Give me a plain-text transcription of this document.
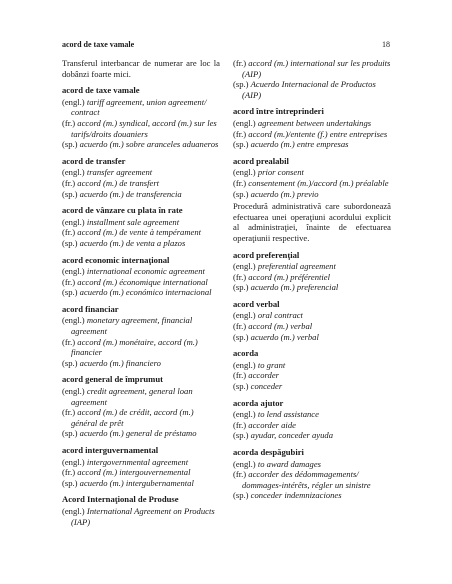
acord de taxe vamale	18

Transferul interbancar de numerar are loc la dobânzi foarte mici.

acord de taxe vamale
(engl.) tariff agreement, union agreement/ contract
(fr.) accord (m.) syndical, accord (m.) sur les tarifs/droits douaniers
(sp.) acuerdo (m.) sobre aranceles aduaneros
acord de transfer
(engl.) transfer agreement
(fr.) accord (m.) de transfert
(sp.) acuerdo (m.) de transferencia
acord de vânzare cu plata în rate
(engl.) installment sale agreement
(fr.) accord (m.) de vente à tempérament
(sp.) acuerdo (m.) de venta a plazos
acord economic internaţional
(engl.) international economic agreement
(fr.) accord (m.) économique international
(sp.) acuerdo (m.) económico internacional
acord financiar
(engl.) monetary agreement, financial agreement
(fr.) accord (m.) monétaire, accord (m.) financier
(sp.) acuerdo (m.) financiero
acord general de împrumut
(engl.) credit agreement, general loan agreement
(fr.) accord (m.) de crédit, accord (m.) général de prêt
(sp.) acuerdo (m.) general de préstamo
acord interguvernamental
(engl.) intergovernmental agreement
(fr.) accord (m.) intergouvernemental
(sp.) acuerdo (m.) intergubernamental
Acord Internaţional de Produse
(engl.) International Agreement on Products (IAP)
(fr.) accord (m.) international sur les produits (AIP)
(sp.) Acuerdo Internacional de Productos (AIP)
acord între întreprinderi
(engl.) agreement between undertakings
(fr.) accord (m.)/entente (f.) entre entreprises
(sp.) acuerdo (m.) entre empresas
acord prealabil
(engl.) prior consent
(fr.) consentement (m.)/accord (m.) préalable
(sp.) acuerdo (m.) previo

Procedură administrativă care subordonează efectuarea unei operaţiuni acordului explicit al administraţiei, înainte de efectuarea operaţiunii respective.

acord preferenţial
(engl.) preferential agreement
(fr.) accord (m.) préférentiel
(sp.) acuerdo (m.) preferencial
acord verbal
(engl.) oral contract
(fr.) accord (m.) verbal
(sp.) acuerdo (m.) verbal
acorda
(engl.) to grant
(fr.) accorder
(sp.) conceder
acorda ajutor
(engl.) to lend assistance
(fr.) accorder aide
(sp.) ayudar, conceder ayuda
acorda despăgubiri
(engl.) to award damages
(fr.) accorder des dédommagements/ dommages-intérêts, régler un sinistre
(sp.) conceder indemnizaciones
